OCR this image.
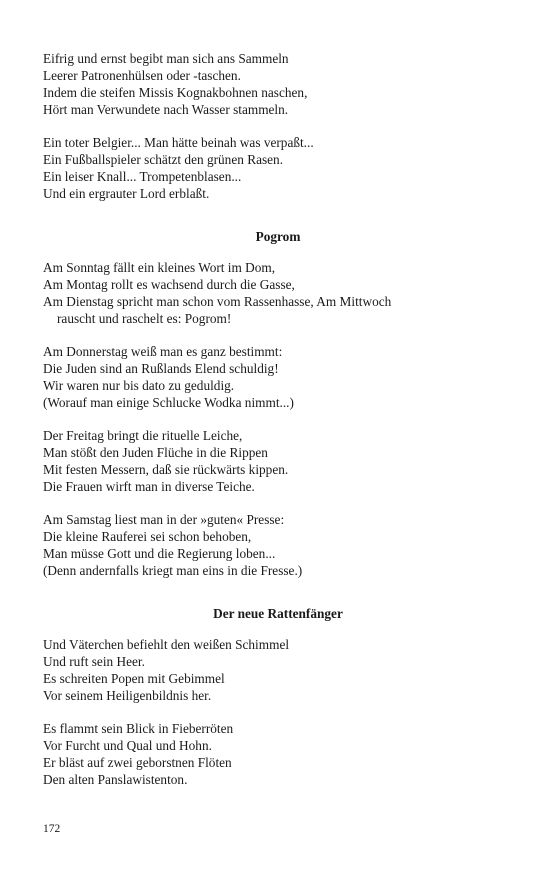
Eifrig und ernst begibt man sich ans Sammeln
Leerer Patronenhülsen oder -taschen.
Indem die steifen Missis Kognakbohnen naschen,
Hört man Verwundete nach Wasser stammeln.
Ein toter Belgier... Man hätte beinah was verpaßt...
Ein Fußballspieler schätzt den grünen Rasen.
Ein leiser Knall... Trompetenblasen...
Und ein ergrauter Lord erblaßt.
Pogrom
Am Sonntag fällt ein kleines Wort im Dom,
Am Montag rollt es wachsend durch die Gasse,
Am Dienstag spricht man schon vom Rassenhasse, Am Mittwoch
rauscht und raschelt es: Pogrom!
Am Donnerstag weiß man es ganz bestimmt:
Die Juden sind an Rußlands Elend schuldig!
Wir waren nur bis dato zu geduldig.
(Worauf man einige Schlucke Wodka nimmt...)
Der Freitag bringt die rituelle Leiche,
Man stößt den Juden Flüche in die Rippen
Mit festen Messern, daß sie rückwärts kippen.
Die Frauen wirft man in diverse Teiche.
Am Samstag liest man in der »guten« Presse:
Die kleine Rauferei sei schon behoben,
Man müsse Gott und die Regierung loben...
(Denn andernfalls kriegt man eins in die Fresse.)
Der neue Rattenfänger
Und Väterchen befiehlt den weißen Schimmel
Und ruft sein Heer.
Es schreiten Popen mit Gebimmel
Vor seinem Heiligenbildnis her.
Es flammt sein Blick in Fieberröten
Vor Furcht und Qual und Hohn.
Er bläst auf zwei geborstnen Flöten
Den alten Panslawistenton.
172
